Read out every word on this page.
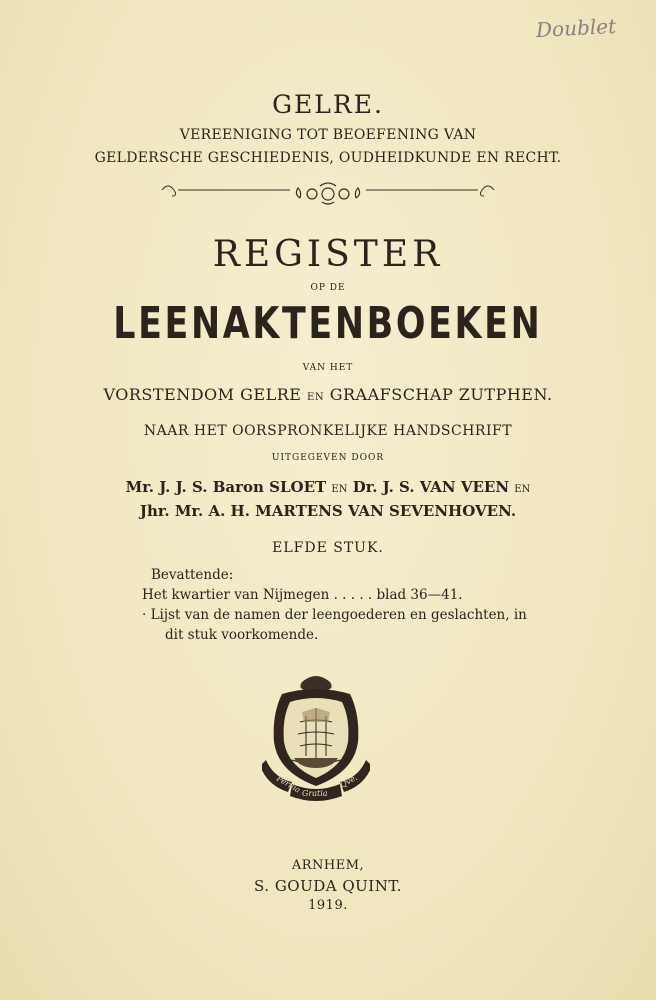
Doublet
GELRE.
VEREENIGING TOT BEOEFENING VAN
GELDERSCHE GESCHIEDENIS, OUDHEIDKUNDE EN RECHT.
REGISTER
OP DE
LEENAKTENBOEKEN
VAN HET
VORSTENDOM GELRE EN GRAAFSCHAP ZUTPHEN.
NAAR HET OORSPRONKELIJKE HANDSCHRIFT
UITGEGEVEN DOOR
Mr. J. J. S. Baron SLOET EN Dr. J. S. VAN VEEN EN
Jhr. Mr. A. H. MARTENS VAN SEVENHOVEN.
ELFDE STUK.
Bevattende:
Het kwartier van Nijmegen . . . . . blad 36—41.
· Lijst van de namen der leengoederen en geslachten, in
dit stuk voorkomende.
Perilia Gratia
Qve.
ARNHEM,
S. GOUDA QUINT.
1919.
